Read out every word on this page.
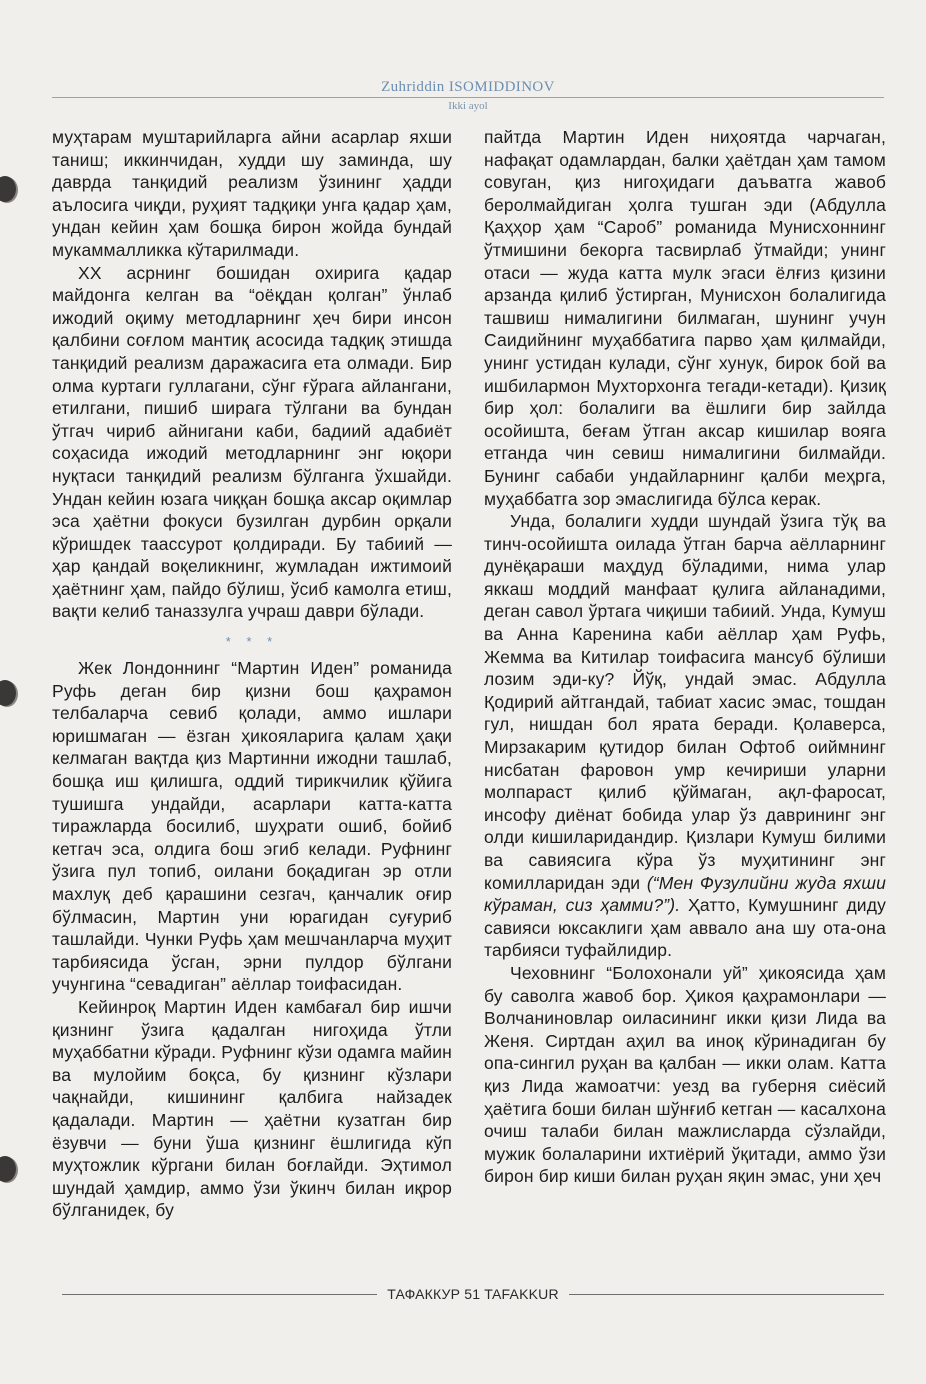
Zuhriddin ISOMIDDINOV
Ikki ayol

муҳтарам муштарийларга айни асарлар яхши таниш; иккинчидан, худди шу заминда, шу даврда танқидий реализм ўзининг ҳадди аълосига чиқди, руҳият тадқиқи унга қадар ҳам, ундан кейин ҳам бошқа бирон жойда бундай мукаммалликка кўтарилмади.

XX асрнинг бошидан охирига қадар майдонга келган ва “оёқдан қолган” ўнлаб ижодий оқиму методларнинг ҳеч бири инсон қалбини соғлом мантиқ асосида тадқиқ этишда танқидий реализм даражасига ета олмади. Бир олма куртаги гуллагани, сўнг ғўрага айлангани, етилгани, пишиб ширага тўлгани ва бундан ўтгач чириб айнигани каби, бадиий адабиёт соҳасида ижодий методларнинг энг юқори нуқтаси танқидий реализм бўлганга ўхшайди. Ундан кейин юзага чиққан бошқа аксар оқимлар эса ҳаётни фокуси бузилган дурбин орқали кўришдек таассурот қолдиради. Бу табиий — ҳар қандай воқеликнинг, жумладан ижтимоий ҳаётнинг ҳам, пайдо бўлиш, ўсиб камолга етиш, вақти келиб таназзулга учраш даври бўлади.

* * *

Жек Лондоннинг “Мартин Иден” романида Руфь деган бир қизни бош қаҳрамон телбаларча севиб қолади, аммо ишлари юришмаган — ёзган ҳикояларига қалам ҳақи келмаган вақтда қиз Мартинни ижодни ташлаб, бошқа иш қилишга, оддий тирикчилик қўйига тушишга ундайди, асарлари катта-катта тиражларда босилиб, шуҳрати ошиб, бойиб кетгач эса, олдига бош эгиб келади. Руфнинг ўзига пул топиб, оилани боқадиган эр отли махлуқ деб қарашини сезгач, қанчалик оғир бўлмасин, Мартин уни юрагидан суғуриб ташлайди. Чунки Руфь ҳам мешчанларча муҳит тарбиясида ўсган, эрни пулдор бўлгани учунгина “севадиган” аёллар тоифасидан.

Кейинроқ Мартин Иден камбағал бир ишчи қизнинг ўзига қадалган нигоҳида ўтли муҳаббатни кўради. Руфнинг кўзи одамга майин ва мулойим боқса, бу қизнинг кўзлари чақнайди, кишининг қалбига найзадек қадалади. Мартин — ҳаётни кузатган бир ёзувчи — буни ўша қизнинг ёшлигида кўп муҳтожлик кўргани билан боғлайди. Эҳтимол шундай ҳамдир, аммо ўзи ўкинч билан иқрор бўлганидек, бу

пайтда Мартин Иден ниҳоятда чарчаган, нафақат одамлардан, балки ҳаётдан ҳам тамом совуган, қиз нигоҳидаги даъватга жавоб беролмайдиган ҳолга тушган эди (Абдулла Қаҳҳор ҳам “Сароб” романида Мунисхоннинг ўтмишини бекорга тасвирлаб ўтмайди; унинг отаси — жуда катта мулк эгаси ёлғиз қизини арзанда қилиб ўстирган, Мунисхон болалигида ташвиш нималигини билмаган, шунинг учун Саидийнинг муҳаббатига парво ҳам қилмайди, унинг устидан кулади, сўнг хунук, бирок бой ва ишбилармон Мухторхонга тегади-кетади). Қизиқ бир ҳол: болалиги ва ёшлиги бир зайлда осойишта, беғам ўтган аксар кишилар вояга етганда чин севиш нималигини билмайди. Бунинг сабаби ундайларнинг қалби меҳрга, муҳаббатга зор эмаслигида бўлса керак.

Унда, болалиги худди шундай ўзига тўқ ва тинч-осойишта оилада ўтган барча аёлларнинг дунёқараши маҳдуд бўладими, нима улар яккаш моддий манфаат қулига айланадими, деган савол ўртага чиқиши табиий. Унда, Кумуш ва Анна Каренина каби аёллар ҳам Руфь, Жемма ва Китилар тоифасига мансуб бўлиши лозим эди-ку? Йўқ, ундай эмас. Абдулла Қодирий айтгандай, табиат хасис эмас, тошдан гул, нишдан бол ярата беради. Қолаверса, Мирзакарим қутидор билан Офтоб оиймнинг нисбатан фаровон умр кечириши уларни молпараст қилиб қўймаган, ақл-фаросат, инсофу диёнат бобида улар ўз даврининг энг олди кишиларидандир. Қизлари Кумуш билими ва савиясига кўра ўз муҳитининг энг комилларидан эди (“Мен Фузулийни жуда яхши кўраман, сиз ҳамми?”). Ҳатто, Кумушнинг диду савияси юксаклиги ҳам аввало ана шу ота-она тарбияси туфайлидир.

Чеховнинг “Болохонали уй” ҳикоясида ҳам бу саволга жавоб бор. Ҳикоя қаҳрамонлари — Волчаниновлар оиласининг икки қизи Лида ва Женя. Сиртдан аҳил ва иноқ кўринадиган бу опа-сингил руҳан ва қалбан — икки олам. Катта қиз Лида жамоатчи: уезд ва губерня сиёсий ҳаётига боши билан шўнғиб кетган — касалхона очиш талаби билан мажлисларда сўзлайди, мужик болаларини ихтиёрий ўқитади, аммо ўзи бирон бир киши билан руҳан яқин эмас, уни ҳеч

ТАФАККУР 51 TAFAKKUR
